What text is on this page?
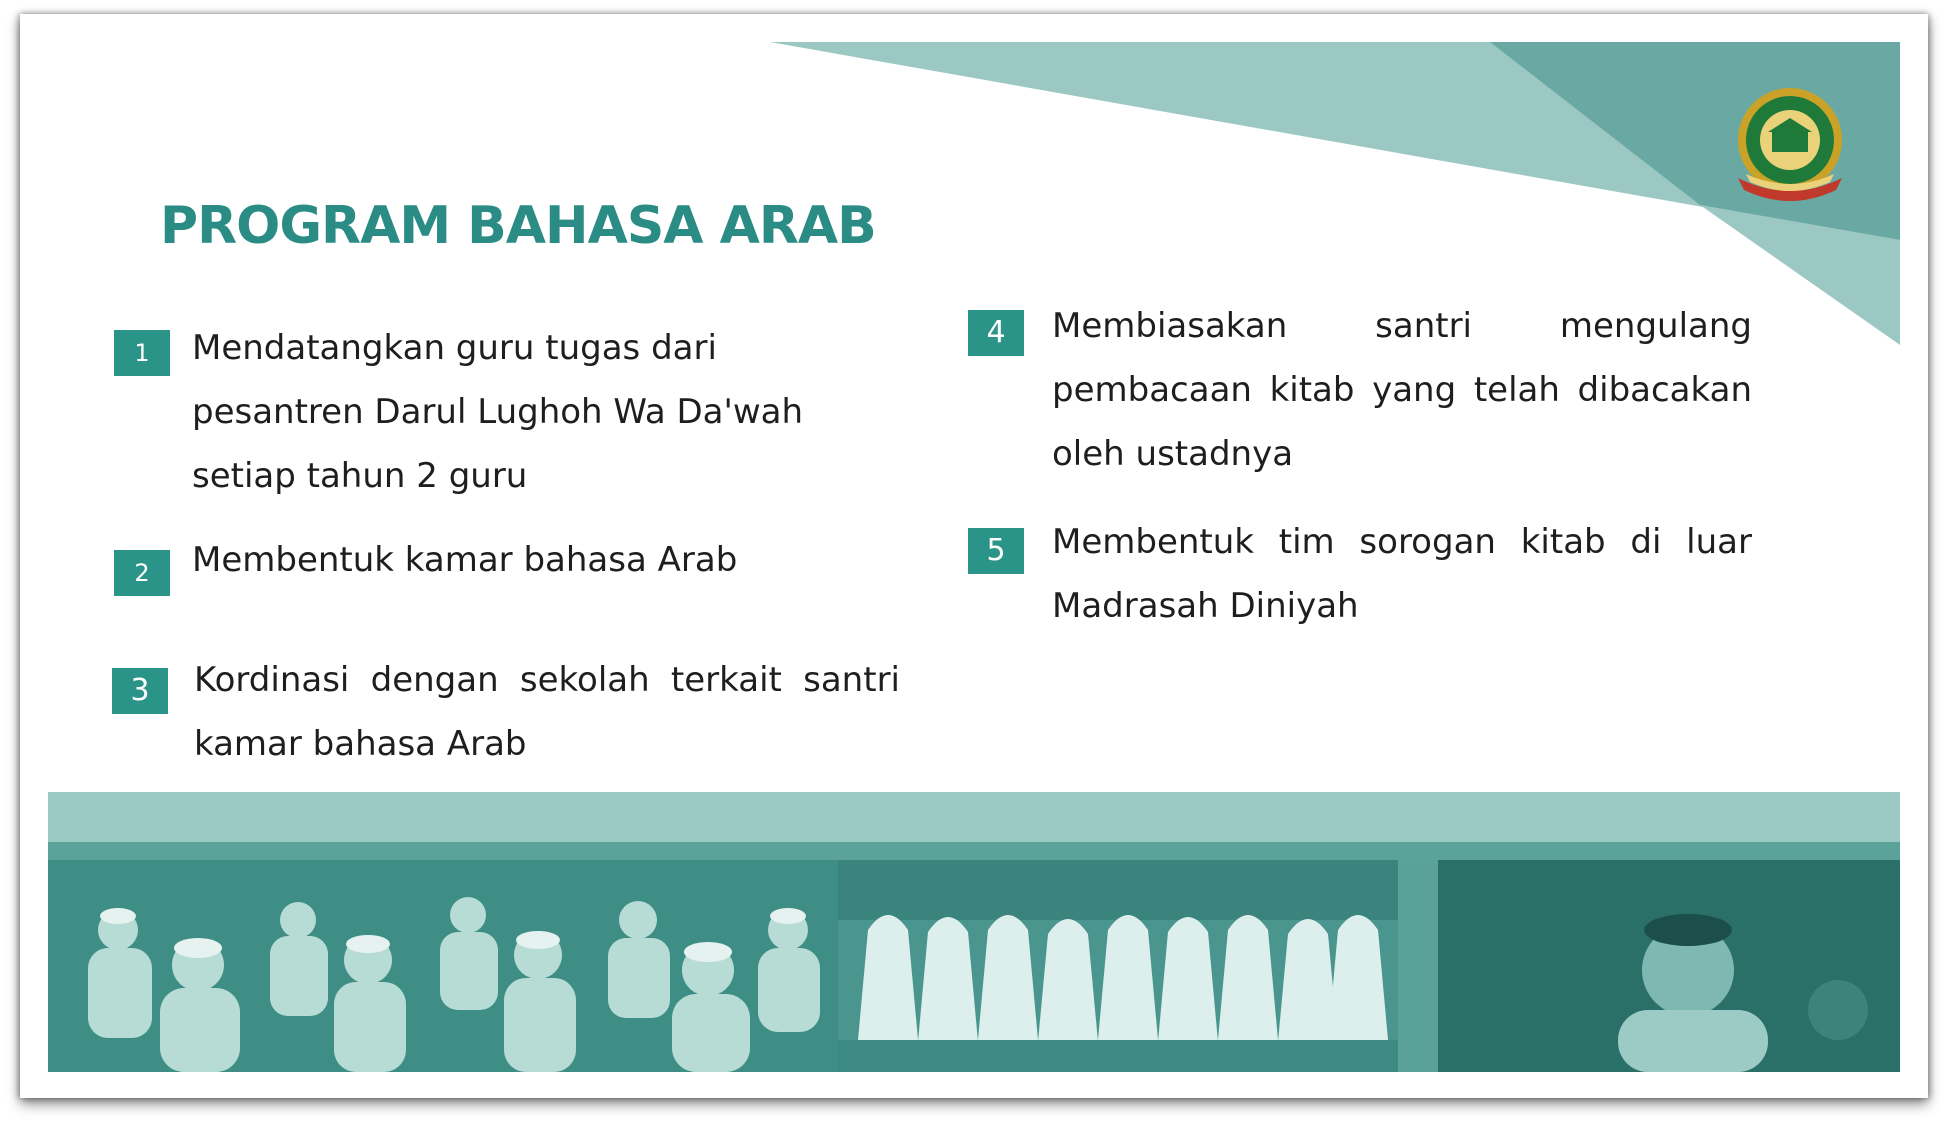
PROGRAM BAHASA ARAB
1	Mendatangkan guru tugas dari pesantren Darul Lughoh Wa Da'wah setiap tahun 2 guru

2	Membentuk kamar bahasa Arab

3	Kordinasi dengan sekolah terkait santri kamar bahasa Arab

4	Membiasakan santri mengulang pembacaan kitab yang telah dibacakan oleh ustadnya

5	Membentuk tim sorogan kitab di luar Madrasah Diniyah
